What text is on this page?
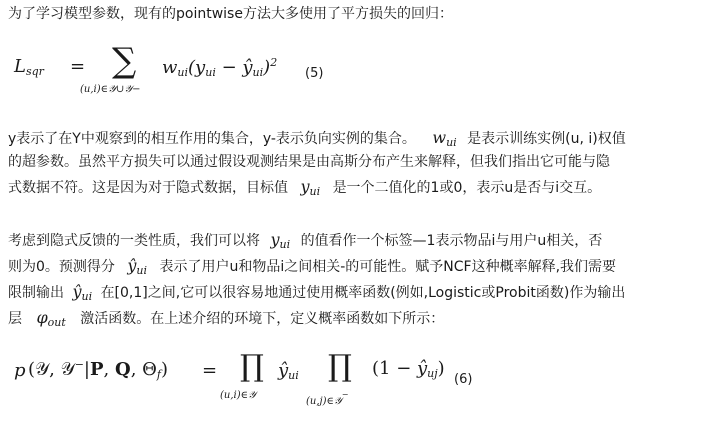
为了学习模型参数，现有的pointwise方法大多使用了平方损失的回归：
$L_{sqr}$ = ∑
(u,i)∈𝒴∪𝒴−
$w_{ui}(y_{ui}$ − $ŷ_{ui})^2$
(5)
y表示了在Y中观察到的相互作用的集合，y-表示负向实例的集合。 $w_{ui}$ 是表示训练实例(u, i)权值
的超参数。虽然平方损失可以通过假设观测结果是由高斯分布产生来解释，但我们指出它可能与隐
式数据不符。这是因为对于隐式数据，目标值 $y_{ui}$ 是一个二值化的1或0，表示u是否与i交互。
考虑到隐式反馈的一类性质，我们可以将 $y_{ui}$ 的值看作一个标签—1表示物品i与用户u相关，否
则为0。预测得分 $ŷ_{ui}$ 表示了用户u和物品i之间相关-的可能性。赋予NCF这种概率解释,我们需要
限制输出 $ŷ_{ui}$ 在[0,1]之间,它可以很容易地通过使用概率函数(例如,Logistic或Probit函数)作为输出
层 $\varphi_{out}$ 激活函数。在上述介绍的环境下，定义概率函数如下所示：
p (𝒴, 𝒴−|P, Q, $\Theta_f$) = ∏
(u,i)∈𝒴
$ŷ_{ui}$ ∏
(u,j)∈𝒴−
$(1 - ŷ_{uj})$
(6)
